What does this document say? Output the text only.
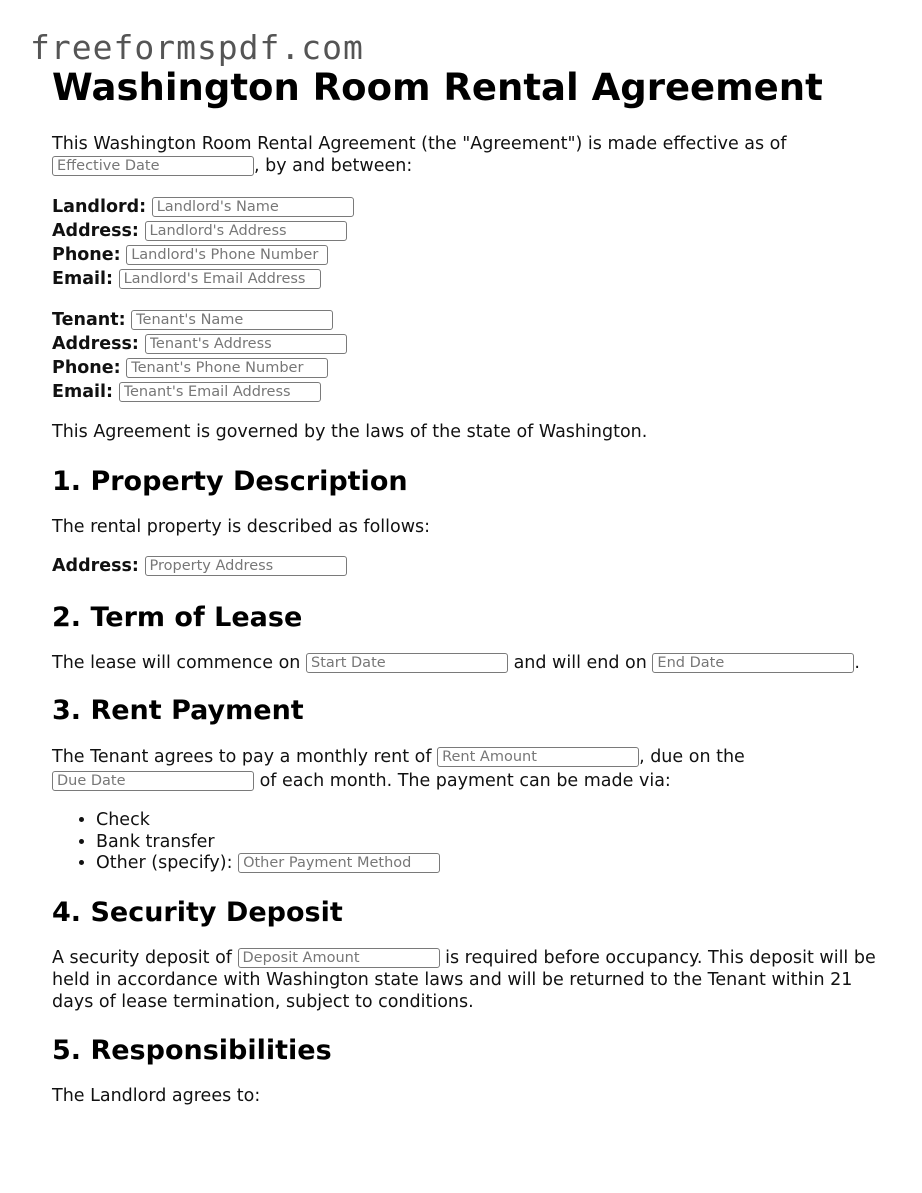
freeformspdf.com
Washington Room Rental Agreement

This Washington Room Rental Agreement (the "Agreement") is made effective as of
Effective Date, by and between:

Landlord: Landlord's Name
Address: Landlord's Address
Phone: Landlord's Phone Number
Email: Landlord's Email Address
Tenant: Tenant's Name
Address: Tenant's Address
Phone: Tenant's Phone Number
Email: Tenant's Email Address

This Agreement is governed by the laws of the state of Washington.

1. Property Description

The rental property is described as follows:

Address: Property Address
2. Term of Lease

The lease will commence on Start Date	and will end on End Date	.

3. Rent Payment

The Tenant agrees to pay a monthly rent of Rent Amount	, due on the
Due Date of each month. The payment can be made via:

• Check
• Bank transfer
• Other (specify): Other Payment Method
4. Security Deposit

A security deposit of Deposit Amount	is required before occupancy. This deposit will be held in accordance with Washington state laws and will be returned to the Tenant within 21 days of lease termination, subject to conditions.

5. Responsibilities

The Landlord agrees to:
